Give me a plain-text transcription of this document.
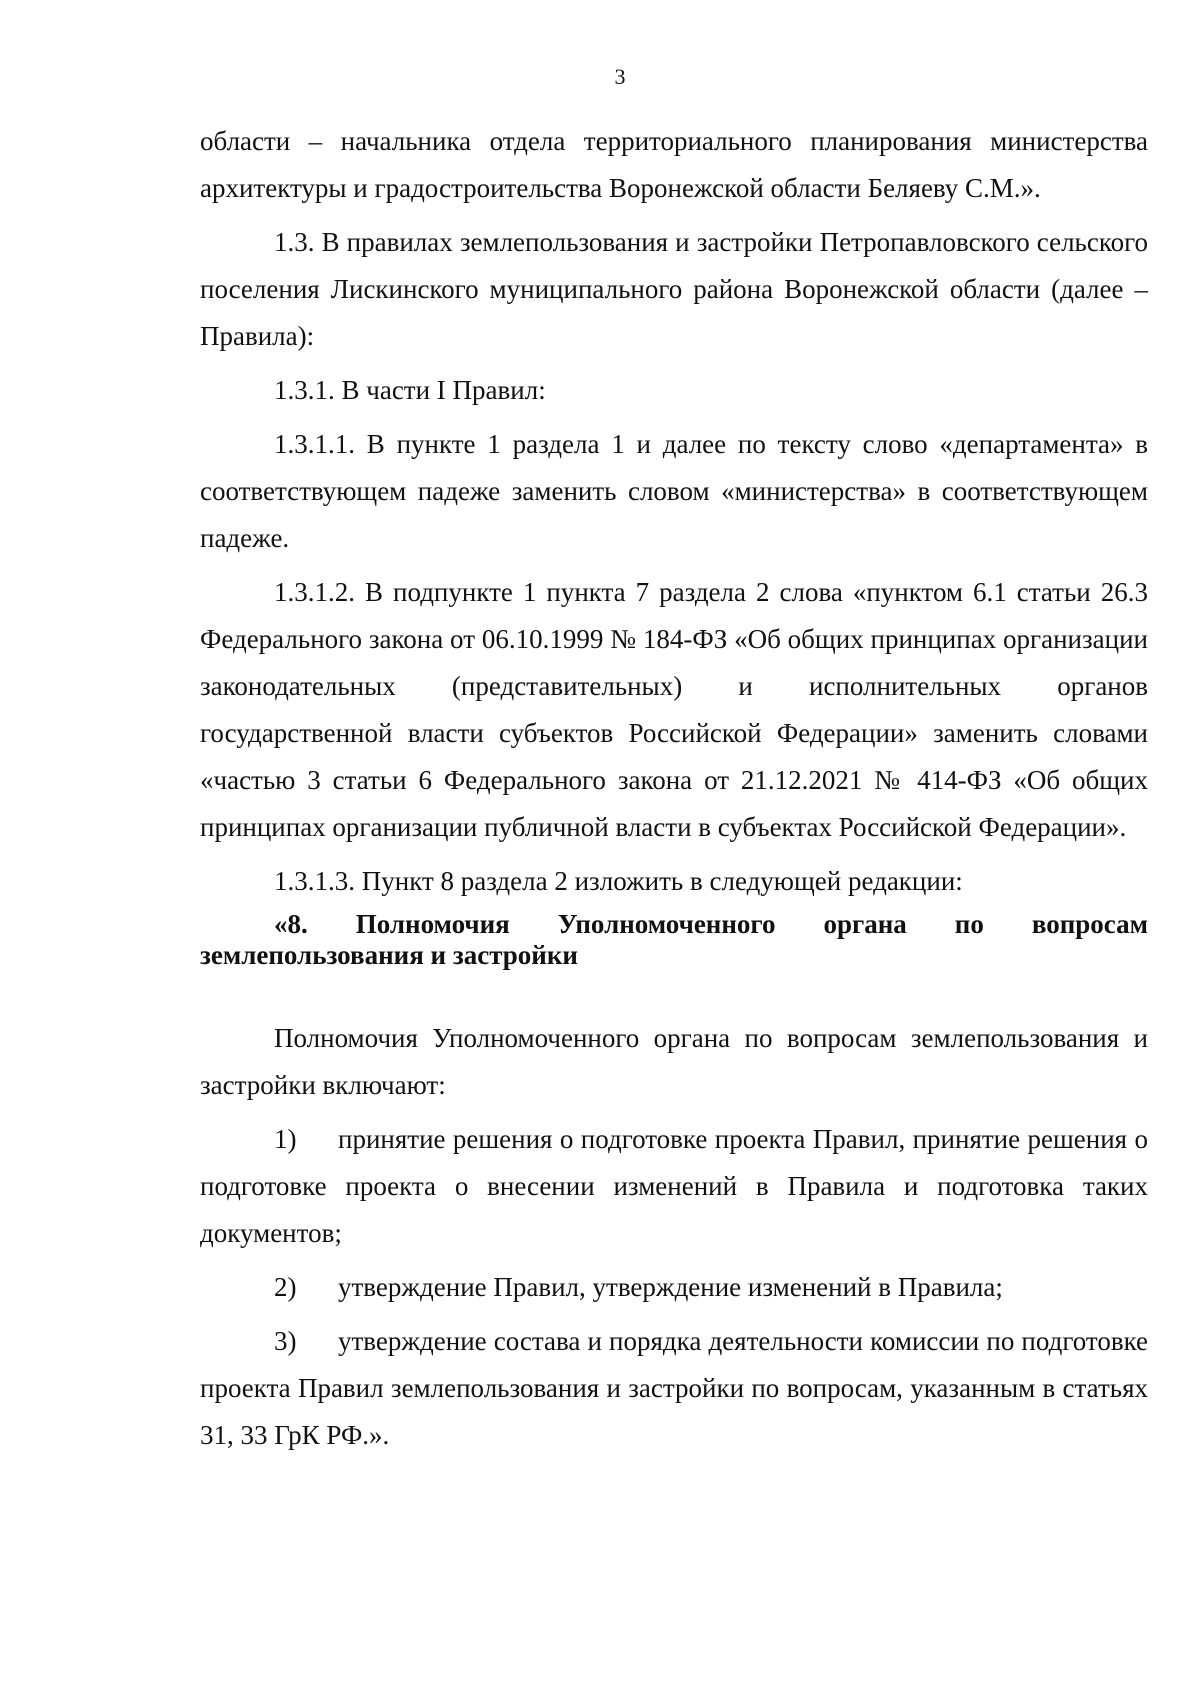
3

области – начальника отдела территориального планирования министерства архитектуры и градостроительства Воронежской области Беляеву С.М.».

1.3. В правилах землепользования и застройки Петропавловского сельского поселения Лискинского муниципального района Воронежской области (далее – Правила):

1.3.1. В части I Правил:

1.3.1.1. В пункте 1 раздела 1 и далее по тексту слово «департамента» в соответствующем падеже заменить словом «министерства» в соответствующем падеже.

1.3.1.2. В подпункте 1 пункта 7 раздела 2 слова «пунктом 6.1 статьи 26.3 Федерального закона от 06.10.1999 № 184-ФЗ «Об общих принципах организации законодательных (представительных) и исполнительных органов государственной власти субъектов Российской Федерации» заменить словами «частью 3 статьи 6 Федерального закона от 21.12.2021 № 414-ФЗ «Об общих принципах организации публичной власти в субъектах Российской Федерации».

1.3.1.3. Пункт 8 раздела 2 изложить в следующей редакции:

«8. Полномочия Уполномоченного органа по вопросам землепользования и застройки

Полномочия Уполномоченного органа по вопросам землепользования и застройки включают:

1) принятие решения о подготовке проекта Правил, принятие решения о подготовке проекта о внесении изменений в Правила и подготовка таких документов;

2) утверждение Правил, утверждение изменений в Правила;

3) утверждение состава и порядка деятельности комиссии по подготовке проекта Правил землепользования и застройки по вопросам, указанным в статьях 31, 33 ГрК РФ.».
